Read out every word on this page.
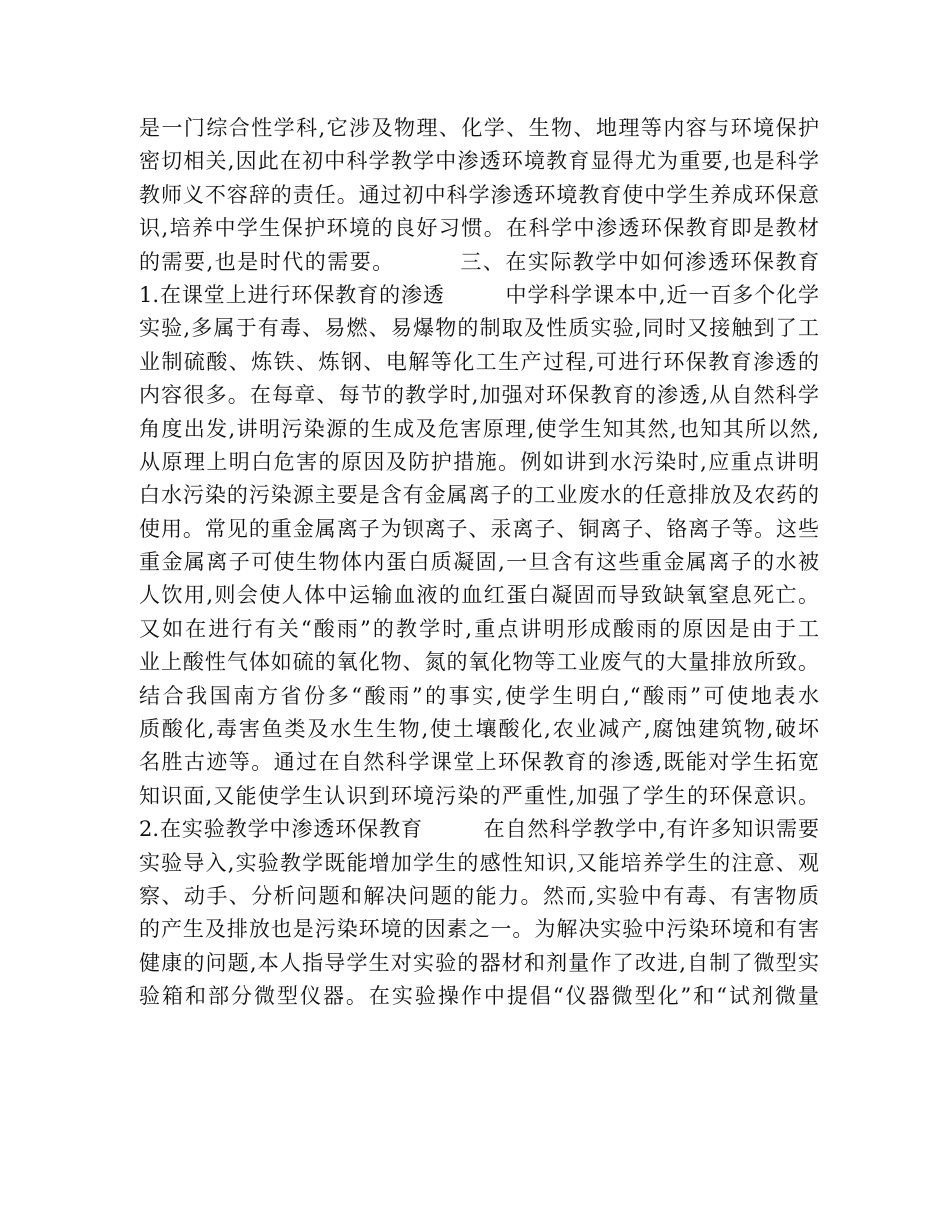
是一门综合性学科,它涉及物理、化学、生物、地理等内容与环境保护
密切相关,因此在初中科学教学中渗透环境教育显得尤为重要,也是科学
教师义不容辞的责任。通过初中科学渗透环境教育使中学生养成环保意
识,培养中学生保护环境的良好习惯。在科学中渗透环保教育即是教材
的需要,也是时代的需要。        三、在实际教学中如何渗透环保教育
1.在课堂上进行环保教育的渗透        中学科学课本中,近一百多个化学
实验,多属于有毒、易燃、易爆物的制取及性质实验,同时又接触到了工
业制硫酸、炼铁、炼钢、电解等化工生产过程,可进行环保教育渗透的
内容很多。在每章、每节的教学时,加强对环保教育的渗透,从自然科学
角度出发,讲明污染源的生成及危害原理,使学生知其然,也知其所以然,
从原理上明白危害的原因及防护措施。例如讲到水污染时,应重点讲明
白水污染的污染源主要是含有金属离子的工业废水的任意排放及农药的
使用。常见的重金属离子为钡离子、汞离子、铜离子、铬离子等。这些
重金属离子可使生物体内蛋白质凝固,一旦含有这些重金属离子的水被
人饮用,则会使人体中运输血液的血红蛋白凝固而导致缺氧窒息死亡。
又如在进行有关“酸雨”的教学时,重点讲明形成酸雨的原因是由于工
业上酸性气体如硫的氧化物、氮的氧化物等工业废气的大量排放所致。
结合我国南方省份多“酸雨”的事实,使学生明白,“酸雨”可使地表水
质酸化,毒害鱼类及水生生物,使土壤酸化,农业减产,腐蚀建筑物,破坏
名胜古迹等。通过在自然科学课堂上环保教育的渗透,既能对学生拓宽
知识面,又能使学生认识到环境污染的严重性,加强了学生的环保意识。
2.在实验教学中渗透环保教育        在自然科学教学中,有许多知识需要
实验导入,实验教学既能增加学生的感性知识,又能培养学生的注意、观
察、动手、分析问题和解决问题的能力。然而,实验中有毒、有害物质
的产生及排放也是污染环境的因素之一。为解决实验中污染环境和有害
健康的问题,本人指导学生对实验的器材和剂量作了改进,自制了微型实
验箱和部分微型仪器。在实验操作中提倡“仪器微型化”和“试剂微量
